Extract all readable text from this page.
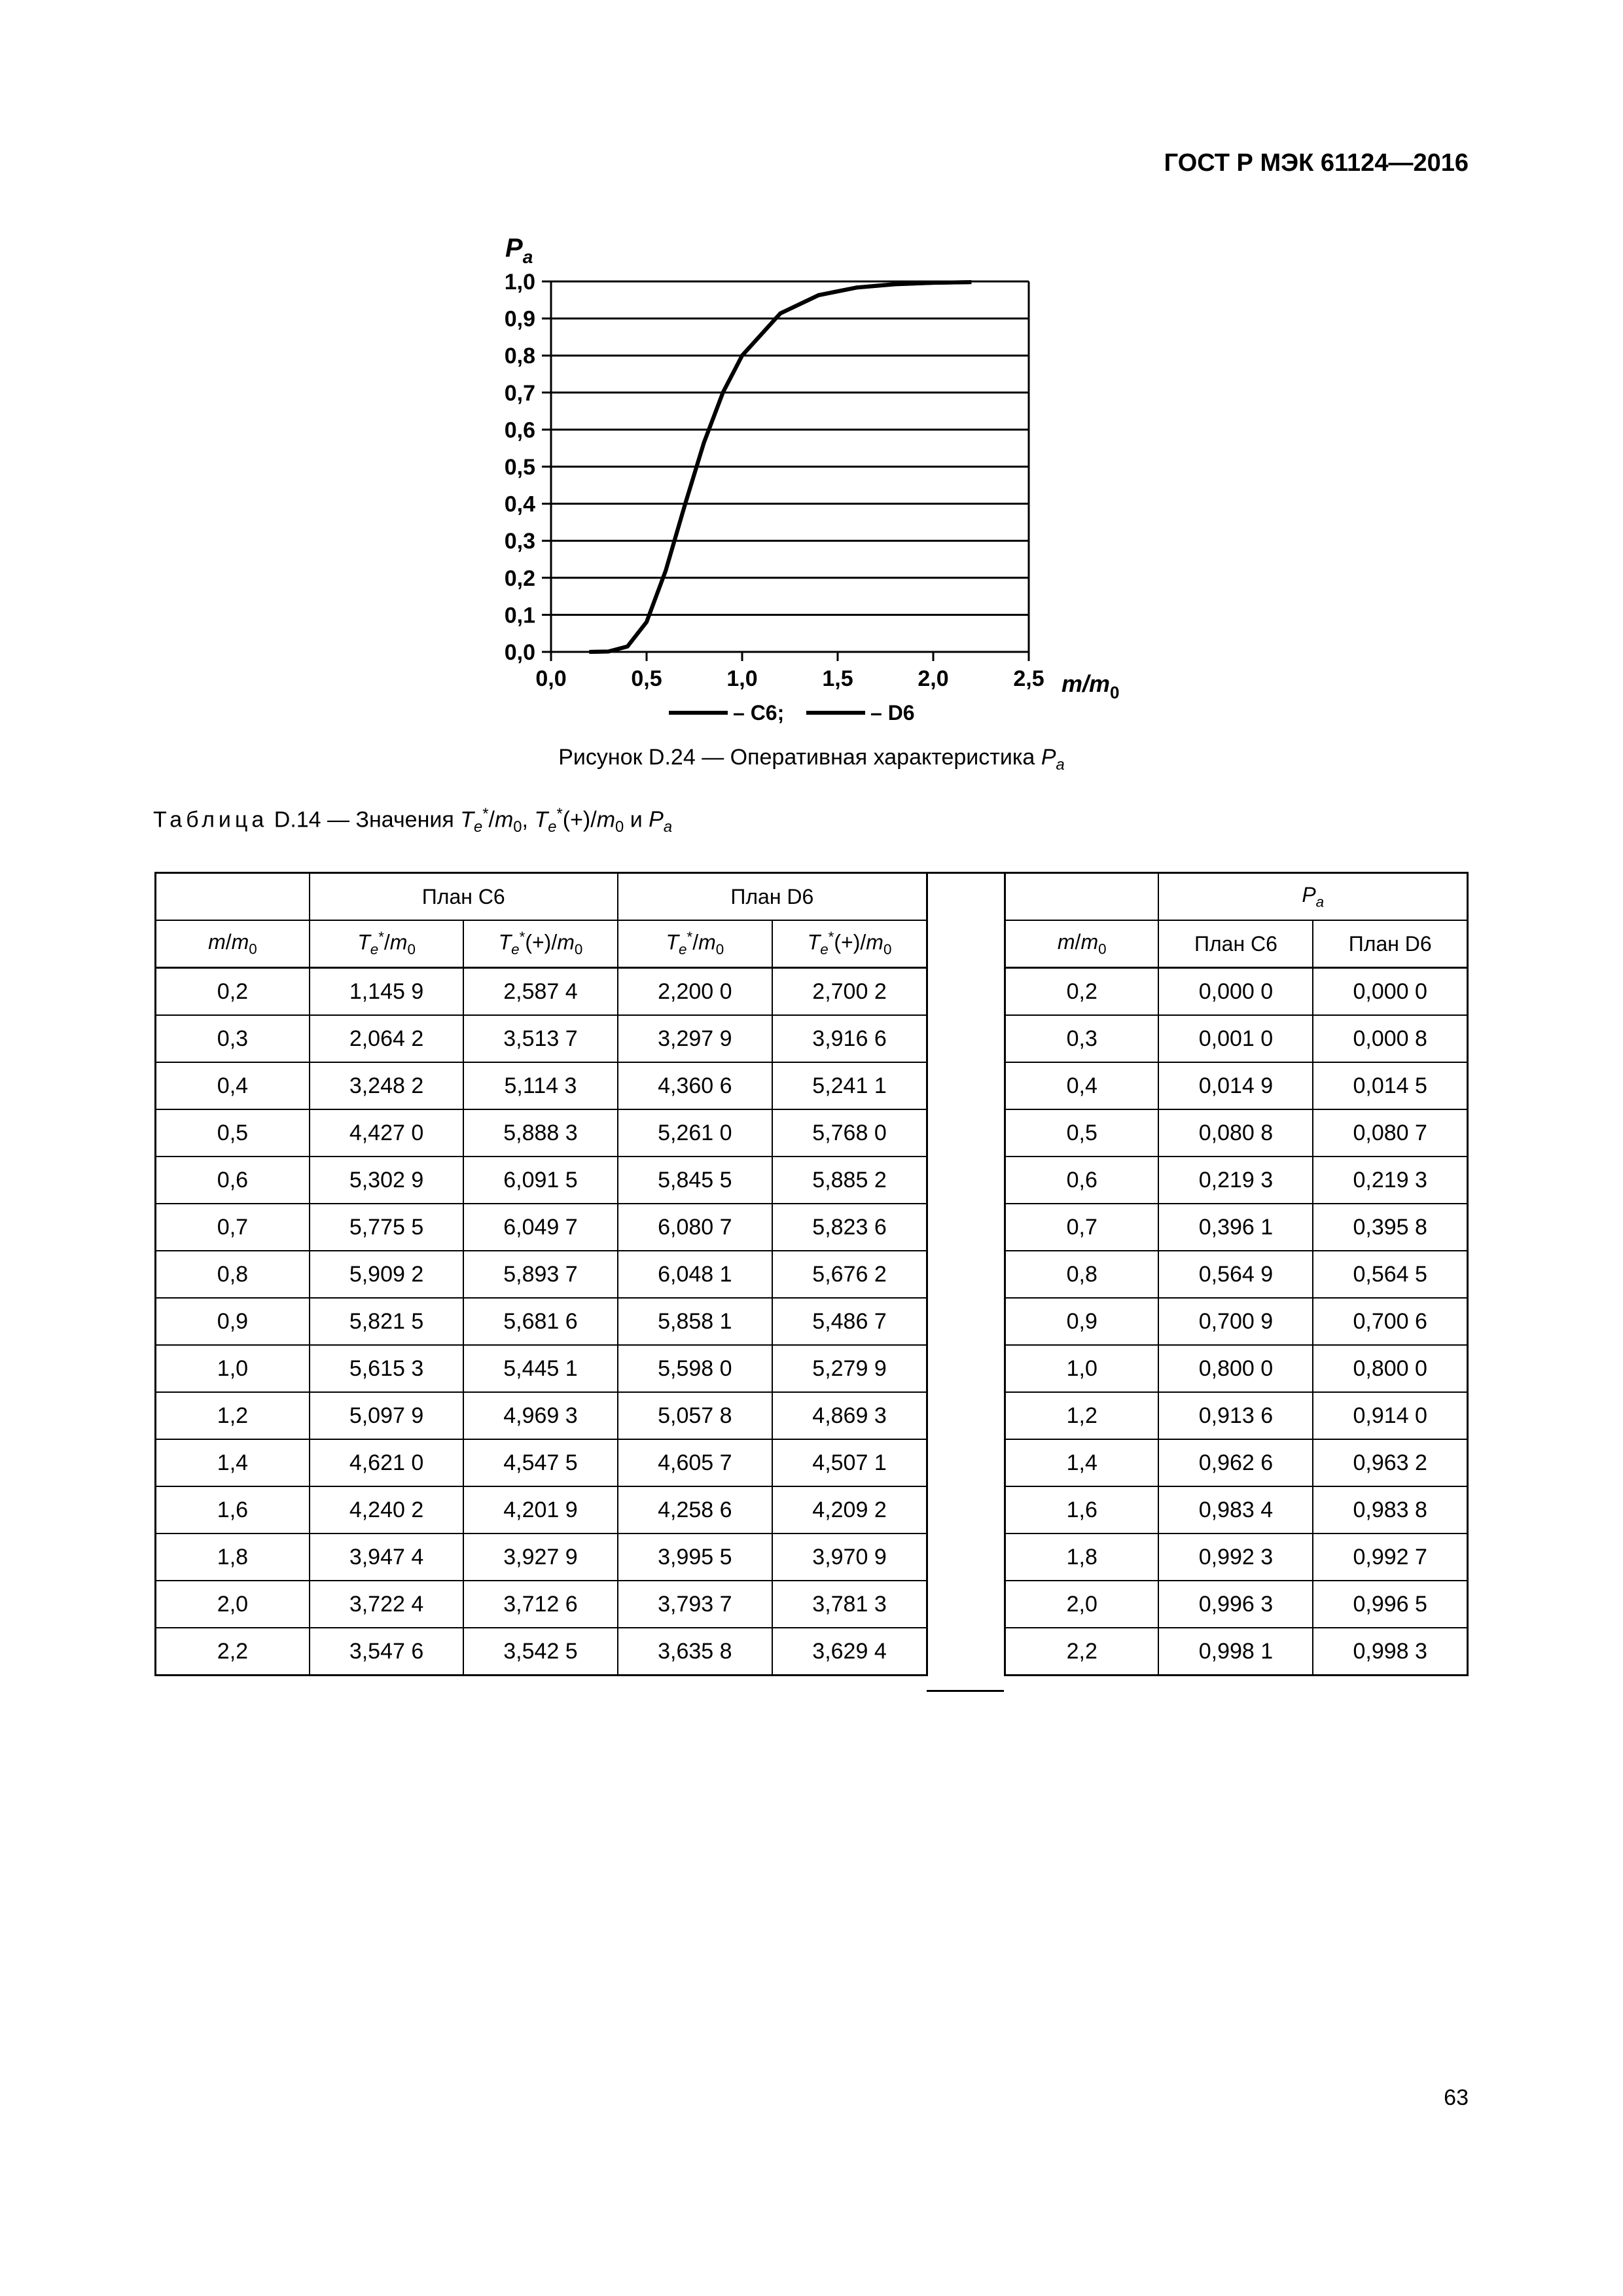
ГОСТ Р МЭК 61124—2016
0,0
0,1
0,2
0,3
0,4
0,5
0,6
0,7
0,8
0,9
1,0
0,0	0,5	1,0	1,5	2,0	2,5
$P_a$
$m/m_0$
– C6;	– D6
Рисунок D.24 — Оперативная характеристика $P_a$
Таблица D.14 — Значения $T_e^*/m_0$, $T_e^*(+)/m_0$ и $P_a$
	План C6		План D6	
$m/m_0$	$T_e^*/m_0$	$T_e^*(+)/m_0$	$T_e^*/m_0$	$T_e^*(+)/m_0$
0,2	1,145 9	2,587 4	2,200 0	2,700 2
0,3	2,064 2	3,513 7	3,297 9	3,916 6
0,4	3,248 2	5,114 3	4,360 6	5,241 1
0,5	4,427 0	5,888 3	5,261 0	5,768 0
0,6	5,302 9	6,091 5	5,845 5	5,885 2
0,7	5,775 5	6,049 7	6,080 7	5,823 6
0,8	5,909 2	5,893 7	6,048 1	5,676 2
0,9	5,821 5	5,681 6	5,858 1	5,486 7
1,0	5,615 3	5,445 1	5,598 0	5,279 9
1,2	5,097 9	4,969 3	5,057 8	4,869 3
1,4	4,621 0	4,547 5	4,605 7	4,507 1
1,6	4,240 2	4,201 9	4,258 6	4,209 2
1,8	3,947 4	3,927 9	3,995 5	3,970 9
2,0	3,722 4	3,712 6	3,793 7	3,781 3
2,2	3,547 6	3,542 5	3,635 8	3,629 4
	$P_a$
$m/m_0$	План C6	План D6
0,2	0,000 0	0,000 0
0,3	0,001 0	0,000 8
0,4	0,014 9	0,014 5
0,5	0,080 8	0,080 7
0,6	0,219 3	0,219 3
0,7	0,396 1	0,395 8
0,8	0,564 9	0,564 5
0,9	0,700 9	0,700 6
1,0	0,800 0	0,800 0
1,2	0,913 6	0,914 0
1,4	0,962 6	0,963 2
1,6	0,983 4	0,983 8
1,8	0,992 3	0,992 7
2,0	0,996 3	0,996 5
2,2	0,998 1	0,998 3
63
